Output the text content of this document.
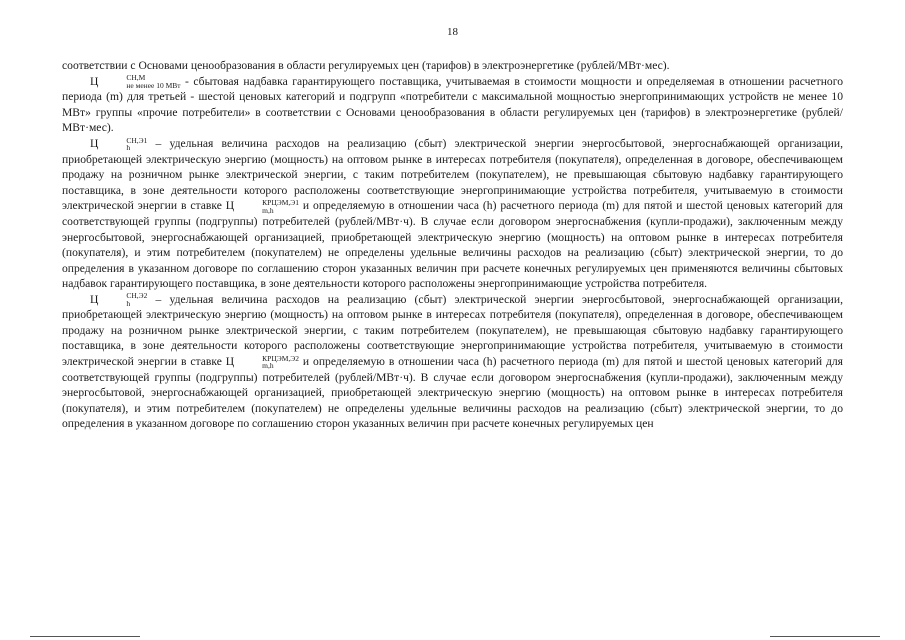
18

соответствии с Основами ценообразования в области регулируемых цен (тарифов) в электроэнергетике (рублей/МВт·мес).

Ц	СН,М
не менее 10 МВт - сбытовая надбавка гарантирующего поставщика, учитываемая в стоимости мощности и определяемая в отношении расчетного периода (m) для третьей - шестой ценовых категорий и подгрупп «потребители с максимальной мощностью энергопринимающих устройств не менее 10 МВт» группы «прочие потребители» в соответствии с Основами ценообразования в области регулируемых цен (тарифов) в электроэнергетике (рублей/МВт·мес).

Ц	СН,Э1
h	– удельная величина расходов на реализацию (сбыт) электрической энергии энергосбытовой, энергоснабжающей организации, приобретающей электрическую энергию (мощность) на оптовом рынке в интересах потребителя (покупателя), определенная в договоре, обеспечивающем продажу на розничном рынке электрической энергии, с таким потребителем (покупателем), не превышающая сбытовую надбавку гарантирующего поставщика, в зоне деятельности которого расположены соответствующие энергопринимающие устройства потребителя, учитываемую в стоимости электрической энергии в ставке Ц	КРЦЭМ,Э1
m,h	и определяемую в отношении часа (h) расчетного периода (m) для пятой и шестой ценовых категорий для соответствующей группы (подгруппы) потребителей (рублей/МВт·ч). В случае если договором энергоснабжения (купли-продажи), заключенным между энергосбытовой, энергоснабжающей организацией, приобретающей электрическую энергию (мощность) на оптовом рынке в интересах потребителя (покупателя), и этим потребителем (покупателем) не определены удельные величины расходов на реализацию (сбыт) электрической энергии, то до определения в указанном договоре по соглашению сторон указанных величин при расчете конечных регулируемых цен применяются величины сбытовых надбавок гарантирующего поставщика, в зоне деятельности которого расположены энергопринимающие устройства потребителя.

Ц	СН,Э2
h	– удельная величина расходов на реализацию (сбыт) электрической энергии энергосбытовой, энергоснабжающей организации, приобретающей электрическую энергию (мощность) на оптовом рынке в интересах потребителя (покупателя), определенная в договоре, обеспечивающем продажу на розничном рынке электрической энергии, с таким потребителем (покупателем), не превышающая сбытовую надбавку гарантирующего поставщика, в зоне деятельности которого расположены соответствующие энергопринимающие устройства потребителя, учитываемую в стоимости электрической энергии в ставке Ц	КРЦЭМ,Э2
m,h	и определяемую в отношении часа (h) расчетного периода (m) для пятой и шестой ценовых категорий для соответствующей группы (подгруппы) потребителей (рублей/МВт·ч). В случае если договором энергоснабжения (купли-продажи), заключенным между энергосбытовой, энергоснабжающей организацией, приобретающей электрическую энергию (мощность) на оптовом рынке в интересах потребителя (покупателя), и этим потребителем (покупателем) не определены удельные величины расходов на реализацию (сбыт) электрической энергии, то до определения в указанном договоре по соглашению сторон указанных величин при расчете конечных регулируемых цен
